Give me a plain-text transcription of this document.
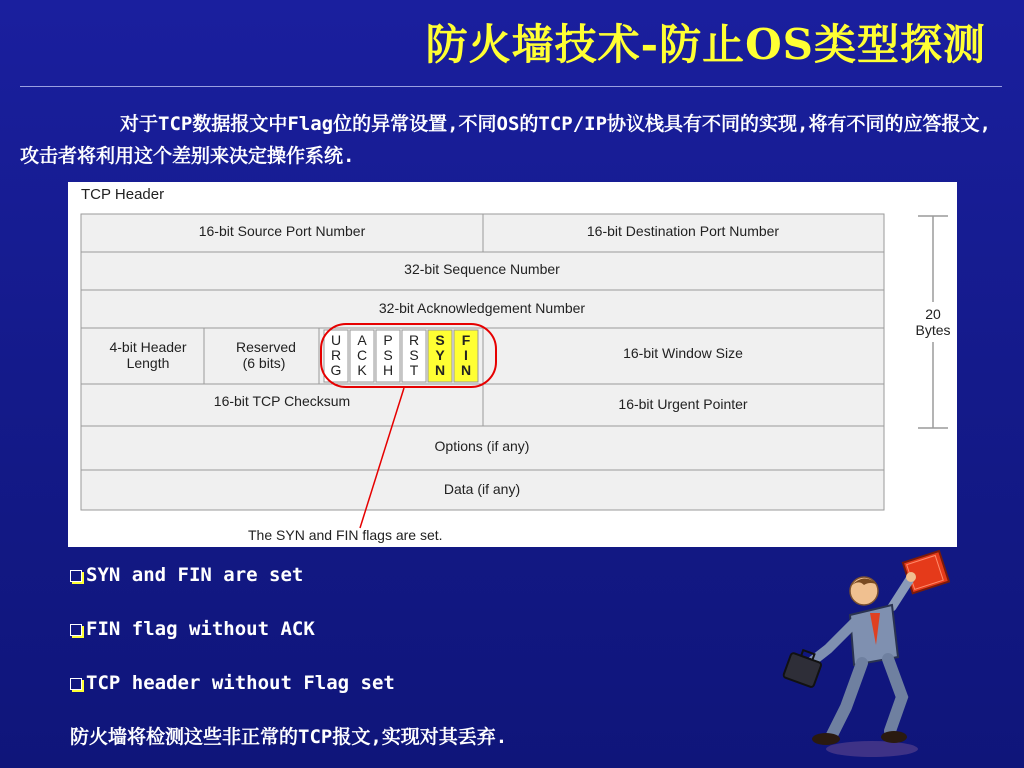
防火墙技术-防止OS类型探测
对于TCP数据报文中Flag位的异常设置,不同OS的TCP/IP协议栈具有不同的实现,将有不同的应答报文,攻击者将利用这个差别来决定操作系统.
TCP Header
16-bit Source Port Number	16-bit Destination Port Number
32-bit Sequence Number
32-bit Acknowledgement Number
4-bit Header
Length
Reserved
(6 bits)
U
R
G
A
C
K
P
S
H
R
S
T
S
Y
N
F
I
N
16-bit Window Size
16-bit TCP Checksum	16-bit Urgent Pointer
Options (if any)
Data (if any)
20
Bytes
The SYN and FIN flags are set.
SYN and FIN are set
FIN flag without ACK
TCP header without Flag set
防火墙将检测这些非正常的TCP报文,实现对其丢弃.
